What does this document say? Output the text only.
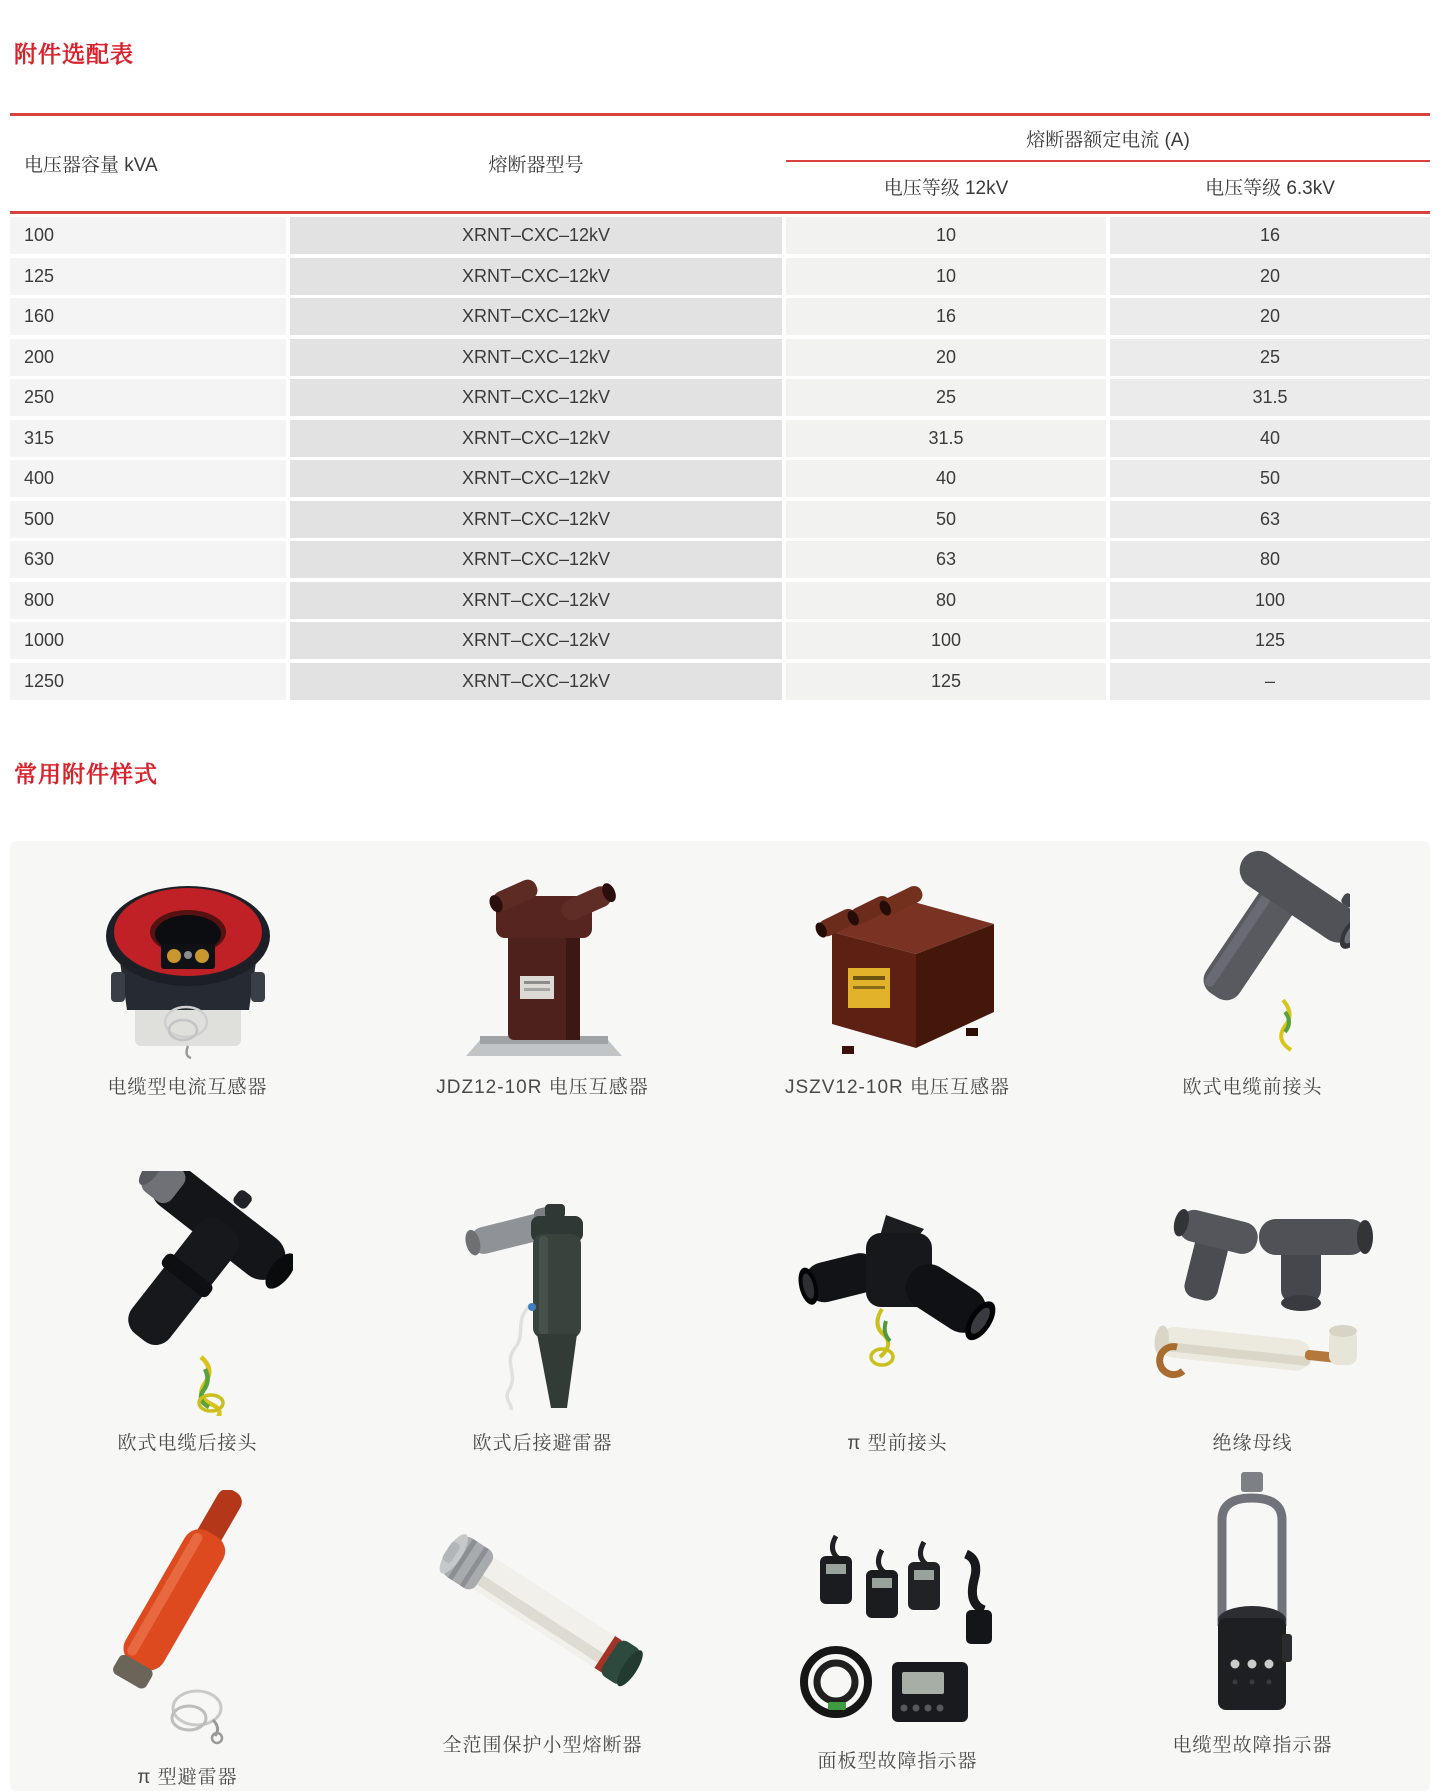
附件选配表
电压器容量 kVA	熔断器型号
熔断器额定电流 (A)
电压等级 12kV	电压等级 6.3kV
100	XRNT–CXC–12kV	10	16
125	XRNT–CXC–12kV	10	20
160	XRNT–CXC–12kV	16	20
200	XRNT–CXC–12kV	20	25
250	XRNT–CXC–12kV	25	31.5
315	XRNT–CXC–12kV	31.5	40
400	XRNT–CXC–12kV	40	50
500	XRNT–CXC–12kV	50	63
630	XRNT–CXC–12kV	63	80
800	XRNT–CXC–12kV	80	100
1000	XRNT–CXC–12kV	100	125
1250	XRNT–CXC–12kV	125	–
常用附件样式
电缆型电流互感器	JDZ12-10R 电压互感器	JSZV12-10R 电压互感器	欧式电缆前接头
欧式电缆后接头	欧式后接避雷器	π 型前接头	绝缘母线
π 型避雷器
全范围保护小型熔断器
面板型故障指示器
电缆型故障指示器
